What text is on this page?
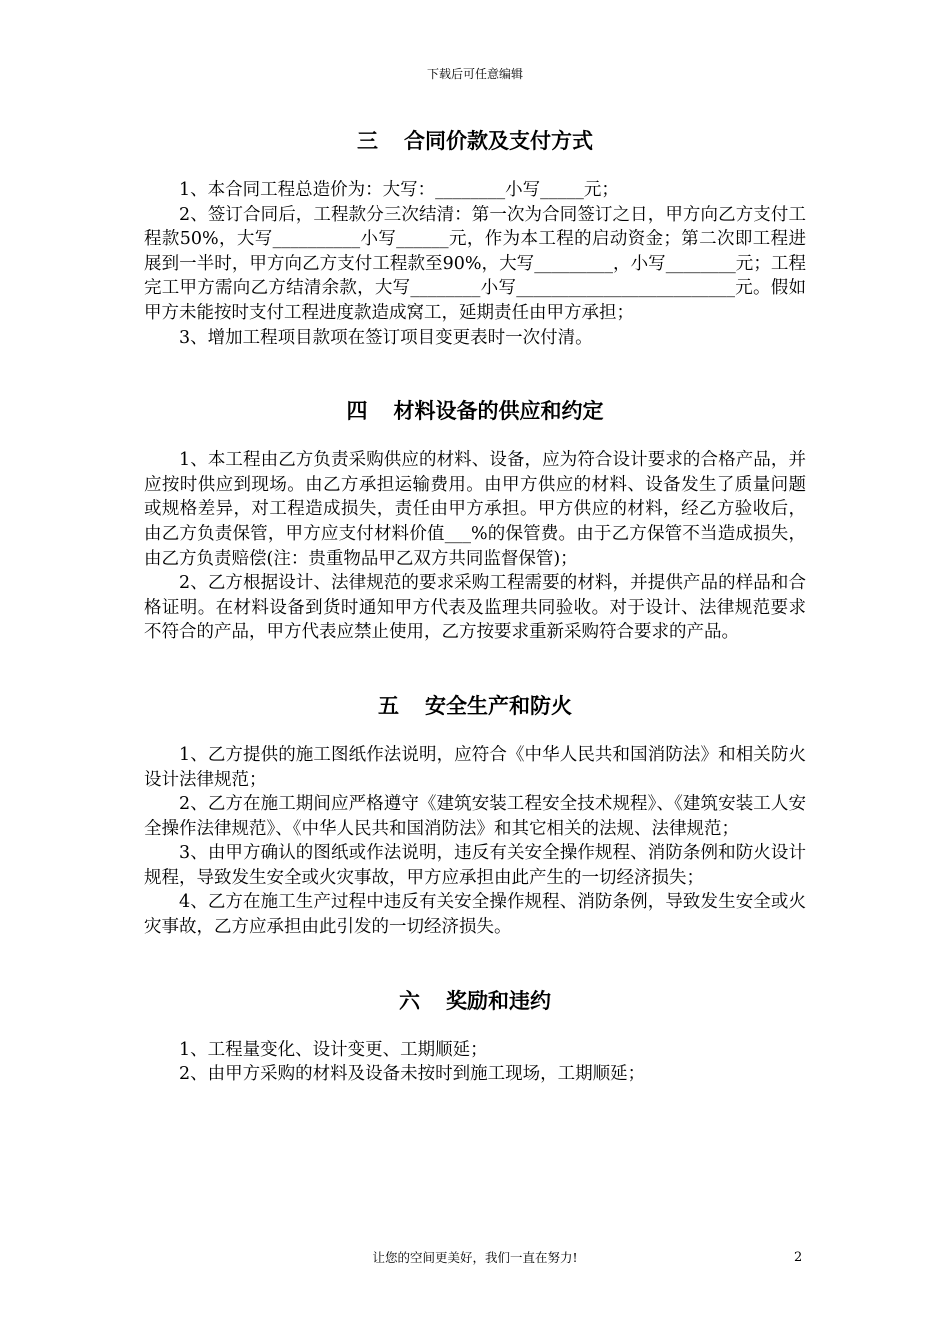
下载后可任意编辑
三 合同价款及支付方式

1、本合同工程总造价为：大写：________小写_____元；

2、签订合同后，工程款分三次结清：第一次为合同签订之日，甲方向乙方支付工程款50%，大写__________小写______元，作为本工程的启动资金；第二次即工程进展到一半时，甲方向乙方支付工程款至90%，大写_________，小写________元；工程完工甲方需向乙方结清余款，大写________小写_________________________元。假如甲方未能按时支付工程进度款造成窝工，延期责任由甲方承担；

3、增加工程项目款项在签订项目变更表时一次付清。

四 材料设备的供应和约定

1、本工程由乙方负责采购供应的材料、设备，应为符合设计要求的合格产品，并应按时供应到现场。由乙方承担运输费用。由甲方供应的材料、设备发生了质量问题或规格差异，对工程造成损失，责任由甲方承担。甲方供应的材料，经乙方验收后，由乙方负责保管，甲方应支付材料价值___%的保管费。由于乙方保管不当造成损失，由乙方负责赔偿(注：贵重物品甲乙双方共同监督保管)；

2、乙方根据设计、法律规范的要求采购工程需要的材料，并提供产品的样品和合格证明。在材料设备到货时通知甲方代表及监理共同验收。对于设计、法律规范要求不符合的产品，甲方代表应禁止使用，乙方按要求重新采购符合要求的产品。

五 安全生产和防火

1、乙方提供的施工图纸作法说明，应符合《中华人民共和国消防法》和相关防火设计法律规范；

2、乙方在施工期间应严格遵守《建筑安装工程安全技术规程》、《建筑安装工人安全操作法律规范》、《中华人民共和国消防法》和其它相关的法规、法律规范；

3、由甲方确认的图纸或作法说明，违反有关安全操作规程、消防条例和防火设计规程，导致发生安全或火灾事故，甲方应承担由此产生的一切经济损失；

4、乙方在施工生产过程中违反有关安全操作规程、消防条例，导致发生安全或火灾事故，乙方应承担由此引发的一切经济损失。

六 奖励和违约

1、工程量变化、设计变更、工期顺延；

2、由甲方采购的材料及设备未按时到施工现场，工期顺延；

让您的空间更美好，我们一直在努力!	2
